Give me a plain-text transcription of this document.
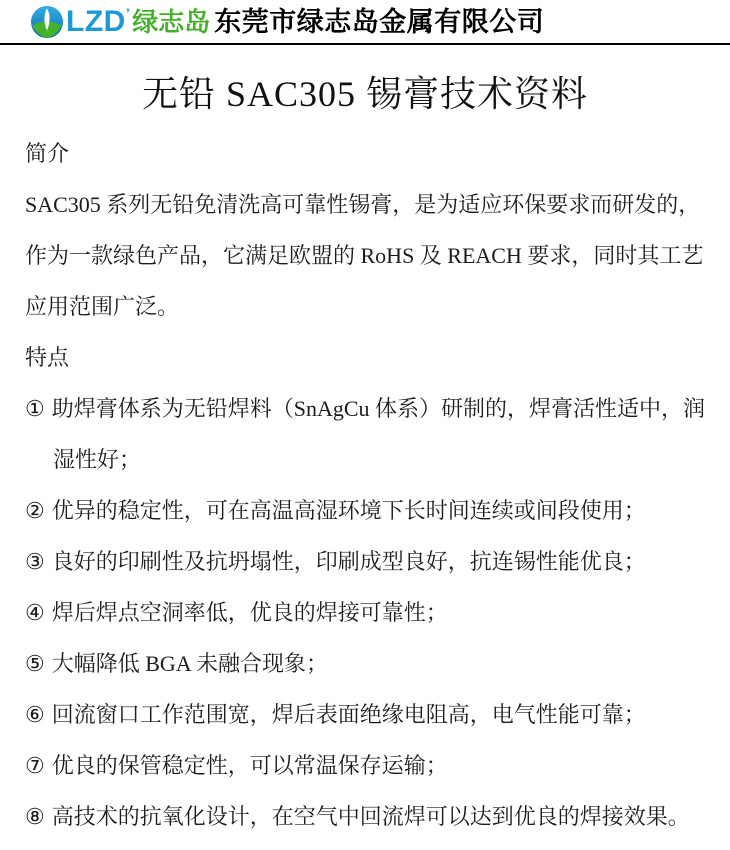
LZD’ 绿志岛 东莞市绿志岛金属有限公司
无铅 SAC305 锡膏技术资料
简介
SAC305 系列无铅免清洗高可靠性锡膏，是为适应环保要求而研发的，
作为一款绿色产品，它满足欧盟的 RoHS 及 REACH 要求，同时其工艺
应用范围广泛。
特点
① 助焊膏体系为无铅焊料（SnAgCu 体系）研制的，焊膏活性适中，润
湿性好；
② 优异的稳定性，可在高温高湿环境下长时间连续或间段使用；
③ 良好的印刷性及抗坍塌性，印刷成型良好，抗连锡性能优良；
④ 焊后焊点空洞率低，优良的焊接可靠性；
⑤ 大幅降低 BGA 未融合现象；
⑥ 回流窗口工作范围宽，焊后表面绝缘电阻高，电气性能可靠；
⑦ 优良的保管稳定性，可以常温保存运输；
⑧ 高技术的抗氧化设计，在空气中回流焊可以达到优良的焊接效果。
